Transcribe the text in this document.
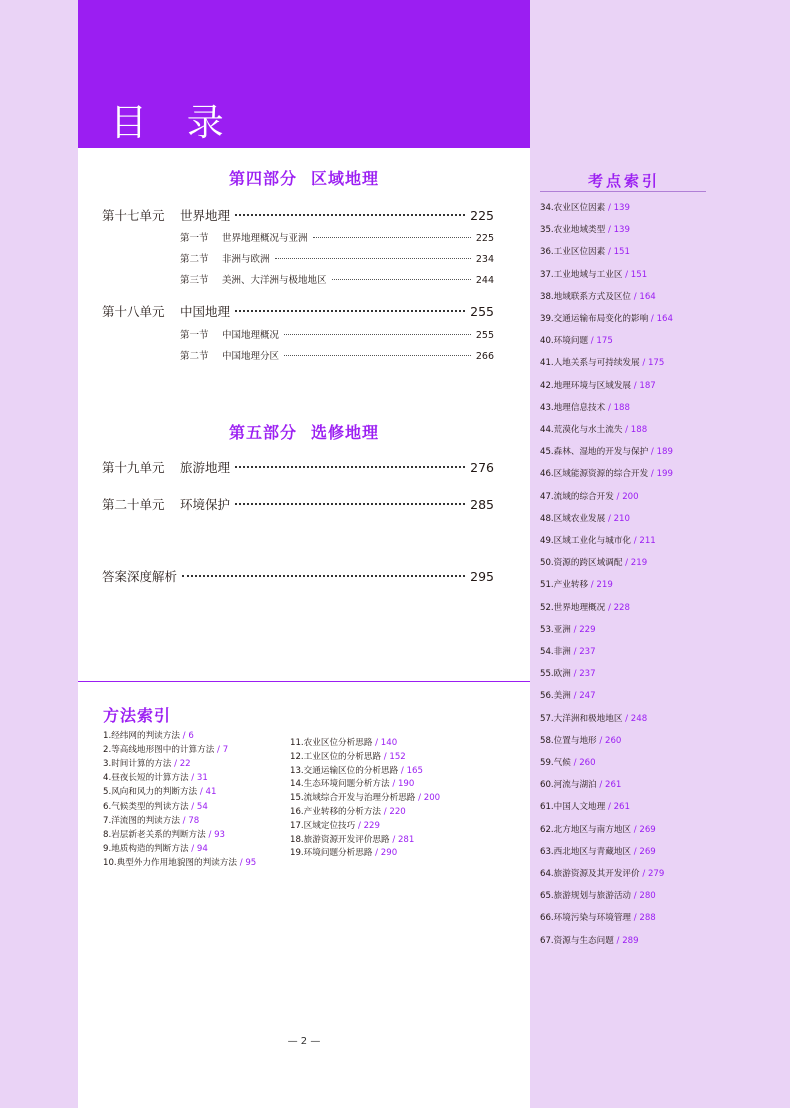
目 录
第四部分 区域地理
第十七单元	世界地理	225
第一节	世界地理概况与亚洲	225
第二节	非洲与欧洲	234
第三节	美洲、大洋洲与极地地区	244
第十八单元	中国地理	255
第一节	中国地理概况	255
第二节	中国地理分区	266
第五部分 选修地理
第十九单元	旅游地理	276
第二十单元	环境保护	285
答案深度解析	295
方法索引
1.经纬网的判读方法 / 6
2.等高线地形图中的计算方法 / 7
3.时间计算的方法 / 22
4.昼夜长短的计算方法 / 31
5.风向和风力的判断方法 / 41
6.气候类型的判读方法 / 54
7.洋流图的判读方法 / 78
8.岩层新老关系的判断方法 / 93
9.地质构造的判断方法 / 94
10.典型外力作用地貌图的判读方法 / 95
11.农业区位分析思路 / 140
12.工业区位的分析思路 / 152
13.交通运输区位的分析思路 / 165
14.生态环境问题分析方法 / 190
15.流域综合开发与治理分析思路 / 200
16.产业转移的分析方法 / 220
17.区域定位技巧 / 229
18.旅游资源开发评价思路 / 281
19.环境问题分析思路 / 290
考点索引
34.农业区位因素 / 139
35.农业地域类型 / 139
36.工业区位因素 / 151
37.工业地域与工业区 / 151
38.地域联系方式及区位 / 164
39.交通运输布局变化的影响 / 164
40.环境问题 / 175
41.人地关系与可持续发展 / 175
42.地理环境与区域发展 / 187
43.地理信息技术 / 188
44.荒漠化与水土流失 / 188
45.森林、湿地的开发与保护 / 189
46.区域能源资源的综合开发 / 199
47.流域的综合开发 / 200
48.区域农业发展 / 210
49.区域工业化与城市化 / 211
50.资源的跨区域调配 / 219
51.产业转移 / 219
52.世界地理概况 / 228
53.亚洲 / 229
54.非洲 / 237
55.欧洲 / 237
56.美洲 / 247
57.大洋洲和极地地区 / 248
58.位置与地形 / 260
59.气候 / 260
60.河流与湖泊 / 261
61.中国人文地理 / 261
62.北方地区与南方地区 / 269
63.西北地区与青藏地区 / 269
64.旅游资源及其开发评价 / 279
65.旅游规划与旅游活动 / 280
66.环境污染与环境管理 / 288
67.资源与生态问题 / 289
— 2 —
